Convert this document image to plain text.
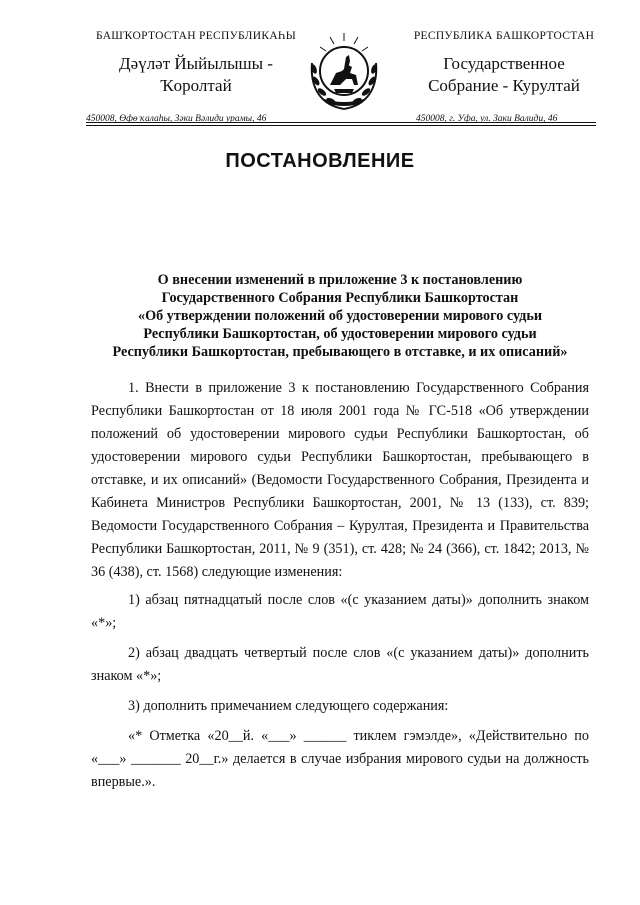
БАШҠОРТОСТАН РЕСПУБЛИКАҺЫ
Дәүләт Йыйылышы -
Ҡоролтай
РЕСПУБЛИКА БАШКОРТОСТАН
Государственное
Собрание - Курултай
450008, Өфө ҡалаһы, Зәки Вәлиди урамы, 46	450008, г. Уфа, ул. Заки Валиди, 46
ПОСТАНОВЛЕНИЕ
О внесении изменений в приложение 3 к постановлению
Государственного Собрания Республики Башкортостан
«Об утверждении положений об удостоверении мирового судьи
Республики Башкортостан, об удостоверении мирового судьи
Республики Башкортостан, пребывающего в отставке, и их описаний»

1. Внести в приложение 3 к постановлению Государственного Собрания Республики Башкортостан от 18 июля 2001 года № ГС-518 «Об утверждении положений об удостоверении мирового судьи Республики Башкортостан, об удостоверении мирового судьи Республики Башкортостан, пребывающего в отставке, и их описаний» (Ведомости Государственного Собрания, Президента и Кабинета Министров Республики Башкортостан, 2001, № 13 (133), ст. 839; Ведомости Государственного Собрания – Курултая, Президента и Правительства Республики Башкортостан, 2011, № 9 (351), ст. 428; № 24 (366), ст. 1842; 2013, № 36 (438), ст. 1568) следующие изменения:

1) абзац пятнадцатый после слов «(с указанием даты)» дополнить знаком «*»;

2) абзац двадцать четвертый после слов «(с указанием даты)» дополнить знаком «*»;

3) дополнить примечанием следующего содержания:

«* Отметка «20__й. «___» ______ тиклем гэмэлде», «Действительно по «___» _______ 20__г.» делается в случае избрания мирового судьи на должность впервые.».
